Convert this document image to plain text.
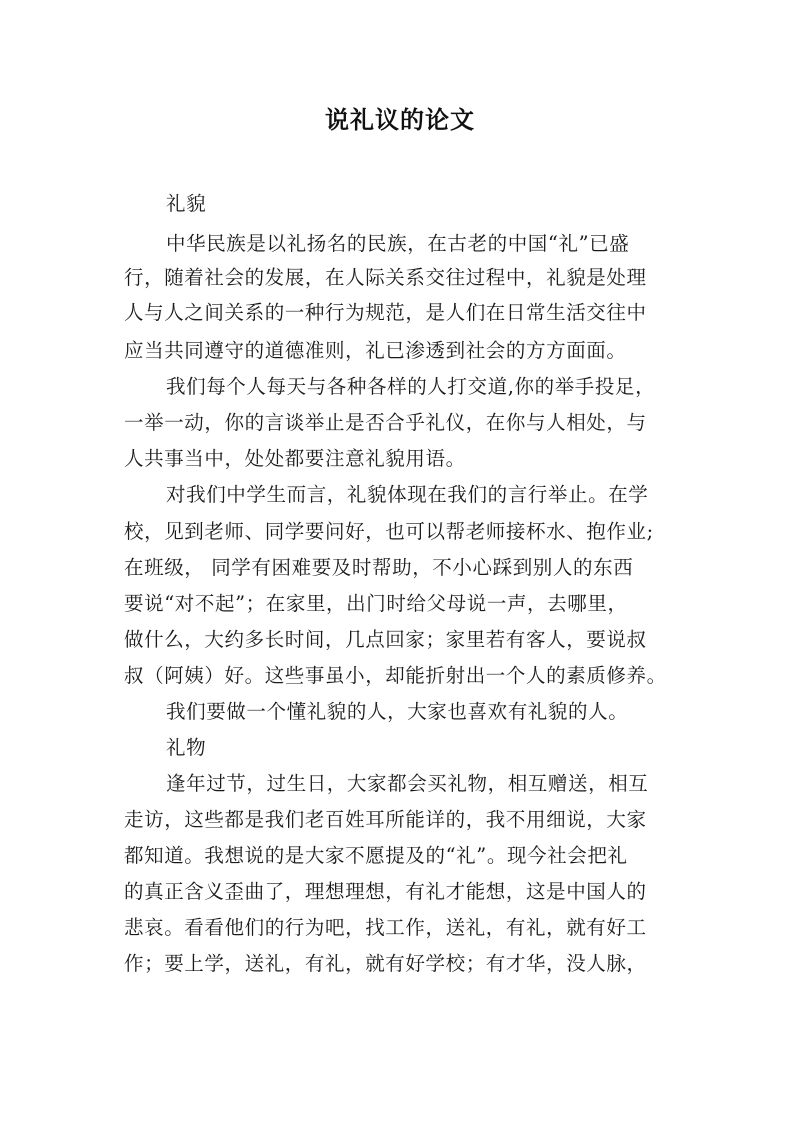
说礼议的论文
礼貌
中华民族是以礼扬名的民族，在古老的中国“礼”已盛
行，随着社会的发展，在人际关系交往过程中，礼貌是处理
人与人之间关系的一种行为规范，是人们在日常生活交往中
应当共同遵守的道德准则，礼已渗透到社会的方方面面。
我们每个人每天与各种各样的人打交道,你的举手投足，
一举一动，你的言谈举止是否合乎礼仪，在你与人相处，与
人共事当中，处处都要注意礼貌用语。
对我们中学生而言，礼貌体现在我们的言行举止。在学
校，见到老师、同学要问好，也可以帮老师接杯水、抱作业;
在班级， 同学有困难要及时帮助，不小心踩到别人的东西
要说“对不起”；在家里，出门时给父母说一声，去哪里，
做什么，大约多长时间，几点回家；家里若有客人，要说叔
叔（阿姨）好。这些事虽小，却能折射出一个人的素质修养。
我们要做一个懂礼貌的人，大家也喜欢有礼貌的人。
礼物
逢年过节，过生日，大家都会买礼物，相互赠送，相互
走访，这些都是我们老百姓耳所能详的，我不用细说，大家
都知道。我想说的是大家不愿提及的“礼”。现今社会把礼
的真正含义歪曲了，理想理想，有礼才能想，这是中国人的
悲哀。看看他们的行为吧，找工作，送礼，有礼，就有好工
作；要上学，送礼，有礼，就有好学校；有才华，没人脉，
